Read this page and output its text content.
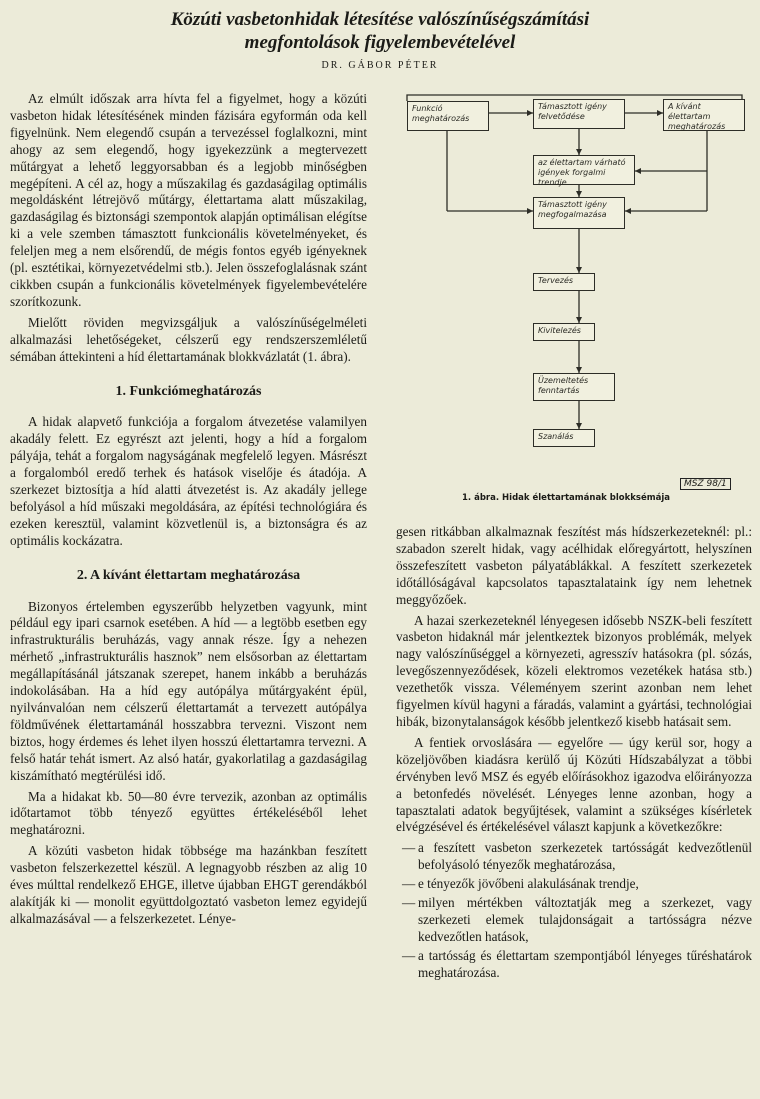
Közúti vasbetonhidak létesítése valószínűségszámítási
megfontolások figyelembevételével
DR. GÁBOR PÉTER

Az elmúlt időszak arra hívta fel a figyelmet, hogy a közúti vasbeton hidak létesítésének minden fázisára egyformán oda kell figyelnünk. Nem elegendő csupán a tervezéssel foglalkozni, mint ahogy az sem elegendő, hogy igyekezzünk a megtervezett műtárgyat a lehető leggyorsabban és a legjobb minőségben megépíteni. A cél az, hogy a műszakilag és gazdaságilag optimális megoldásként létrejövő műtárgy, élettartama alatt műszakilag, gazdaságilag és biztonsági szempontok alapján optimálisan elégítse ki a vele szemben támasztott funkcionális követelményeket, és feleljen meg a nem elsőrendű, de mégis fontos egyéb igényeknek (pl. esztétikai, környezetvédelmi stb.). Jelen összefoglalásnak szánt cikkben csupán a funkcionális követelmények figyelembevételére szorítkozunk.

Mielőtt röviden megvizsgáljuk a valószínűségelméleti alkalmazási lehetőségeket, célszerű egy rendszerszemléletű sémában áttekinteni a híd élettartamának blokkvázlatát (1. ábra).

1. Funkciómeghatározás

A hidak alapvető funkciója a forgalom átvezetése valamilyen akadály felett. Ez egyrészt azt jelenti, hogy a híd a forgalom pályája, tehát a forgalom nagyságának megfelelő legyen. Másrészt a forgalomból eredő terhek és hatások viselője és átadója. A szerkezet biztosítja a híd alatti átvezetést is. Az akadály jellege befolyásol a híd műszaki megoldására, az építési technológiára és ezeken keresztül, valamint közvetlenül is, a biztonságra és az optimális kockázatra.

2. A kívánt élettartam meghatározása

Bizonyos értelemben egyszerűbb helyzetben vagyunk, mint például egy ipari csarnok esetében. A híd — a legtöbb esetben egy infrastrukturális beruházás, vagy annak része. Így a nehezen mérhető „infrastrukturális hasznok” nem elsősorban az élettartam megállapításánál játszanak szerepet, hanem inkább a beruházás indokolásában. Ha a híd egy autópálya műtárgyaként épül, nyilvánvalóan nem célszerű élettartamát a tervezett autópálya földművének élettartamánál hosszabbra tervezni. Viszont nem biztos, hogy érdemes és lehet ilyen hosszú élettartamra tervezni. A felső határ tehát ismert. Az alsó határ, gyakorlatilag a gazdaságilag kiszámítható megtérülési idő.

Ma a hidakat kb. 50—80 évre tervezik, azonban az optimális időtartamot több tényező együttes értékeléséből lehet meghatározni.

A közúti vasbeton hidak többsége ma hazánkban feszített vasbeton felszerkezettel készül. A legnagyobb részben az alig 10 éves múlttal rendelkező EHGE, illetve újabban EHGT gerendákból alakítják ki — monolit együttdolgoztató vasbeton lemez egyidejű alkalmazásával — a felszerkezetet. Lénye-

Funkció meghatározás
Támasztott igény felvetődése
A kívánt élettartam meghatározás
az élettartam várható igények forgalmi trendje
Támasztott igény megfogalmazása
Tervezés
Kivitelezés
Üzemeltetés fenntartás
Szanálás
MSZ 98/1
1. ábra. Hidak élettartamának blokksémája

gesen ritkábban alkalmaznak feszítést más hídszerkezeteknél: pl.: szabadon szerelt hidak, vagy acélhidak előregyártott, helyszínen összefeszített vasbeton pályatáblákkal. A feszített szerkezetek időtállóságával kapcsolatos tapasztalataink így nem lehetnek meggyőzőek.

A hazai szerkezeteknél lényegesen idősebb NSZK-beli feszített vasbeton hidaknál már jelentkeztek bizonyos problémák, melyek nagy valószínűséggel a környezeti, agresszív hatásokra (pl. sózás, levegőszennyeződések, közeli elektromos vezetékek hatása stb.) vezethetők vissza. Véleményem szerint azonban nem lehet figyelmen kívül hagyni a fáradás, valamint a gyártási, technológiai hibák, bizonytalanságok később jelentkező kisebb hatásait sem.

A fentiek orvoslására — egyelőre — úgy kerül sor, hogy a közeljövőben kiadásra kerülő új Közúti Hídszabályzat a többi érvényben levő MSZ és egyéb előírásokhoz igazodva előirányozza a betonfedés növelését. Lényeges lenne azonban, hogy a tapasztalati adatok begyűjtések, valamint a szükséges kísérletek elvégzésével és értékelésével választ kapjunk a következőkre:

— a feszített vasbeton szerkezetek tartósságát kedvezőtlenül befolyásoló tényezők meghatározása,

— e tényezők jövőbeni alakulásának trendje,

— milyen mértékben változtatják meg a szerkezet, vagy szerkezeti elemek tulajdonságait a tartósságra nézve kedvezőtlen hatások,

— a tartósság és élettartam szempontjából lényeges tűréshatárok meghatározása.
